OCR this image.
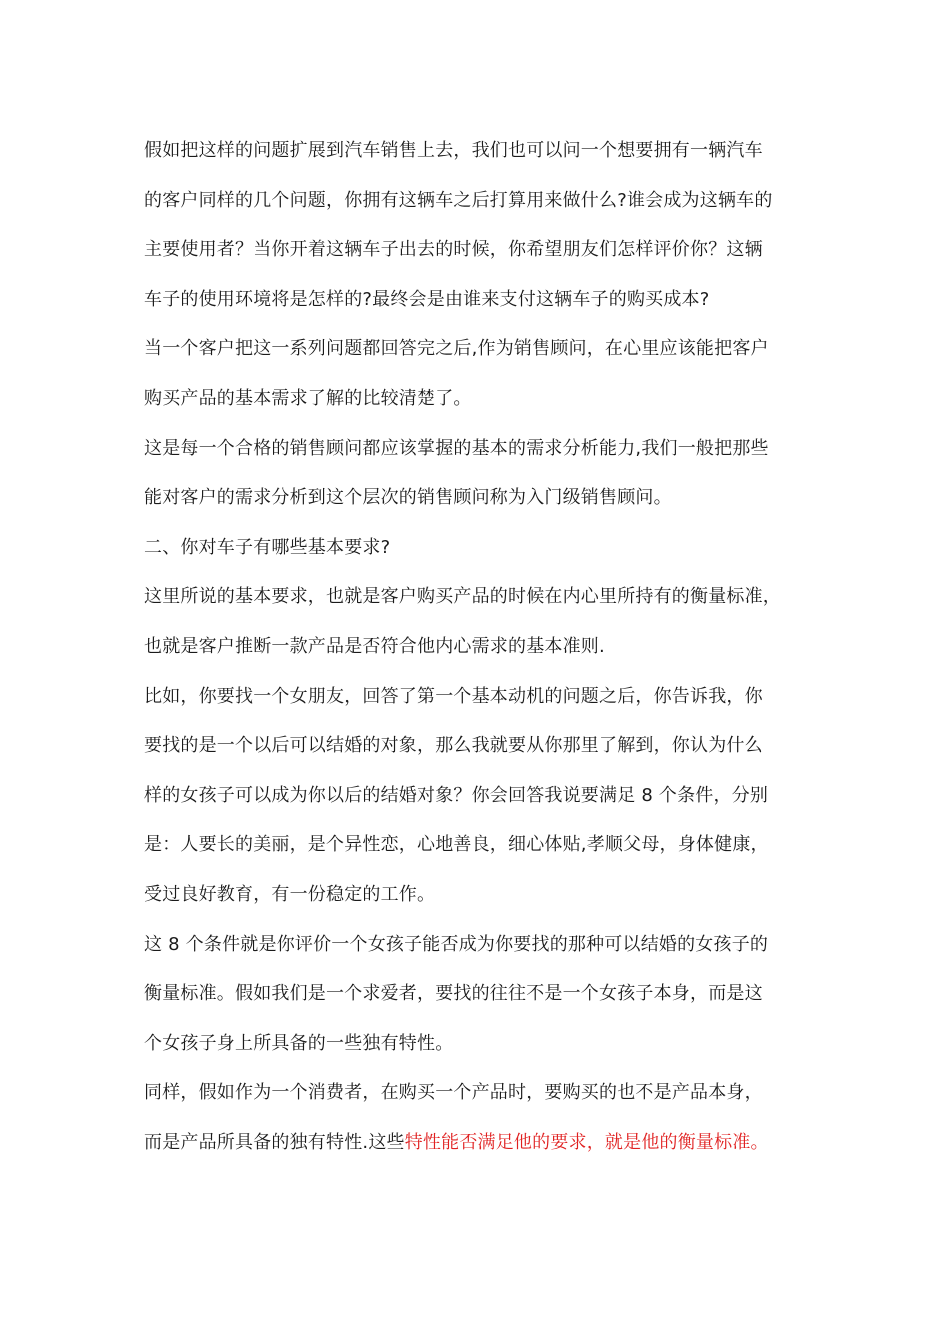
假如把这样的问题扩展到汽车销售上去，我们也可以问一个想要拥有一辆汽车
的客户同样的几个问题，你拥有这辆车之后打算用来做什么?谁会成为这辆车的
主要使用者？当你开着这辆车子出去的时候，你希望朋友们怎样评价你？这辆
车子的使用环境将是怎样的?最终会是由谁来支付这辆车子的购买成本?
当一个客户把这一系列问题都回答完之后,作为销售顾问，在心里应该能把客户
购买产品的基本需求了解的比较清楚了。
这是每一个合格的销售顾问都应该掌握的基本的需求分析能力,我们一般把那些
能对客户的需求分析到这个层次的销售顾问称为入门级销售顾问。
二、你对车子有哪些基本要求?
这里所说的基本要求，也就是客户购买产品的时候在内心里所持有的衡量标准，
也就是客户推断一款产品是否符合他内心需求的基本准则.
比如，你要找一个女朋友，回答了第一个基本动机的问题之后，你告诉我，你
要找的是一个以后可以结婚的对象，那么我就要从你那里了解到，你认为什么
样的女孩子可以成为你以后的结婚对象？你会回答我说要满足 8 个条件，分别
是：人要长的美丽，是个异性恋，心地善良，细心体贴,孝顺父母，身体健康，
受过良好教育，有一份稳定的工作。
这 8 个条件就是你评价一个女孩子能否成为你要找的那种可以结婚的女孩子的
衡量标准。假如我们是一个求爱者，要找的往往不是一个女孩子本身，而是这
个女孩子身上所具备的一些独有特性。
同样，假如作为一个消费者，在购买一个产品时，要购买的也不是产品本身，
而是产品所具备的独有特性.这些特性能否满足他的要求，就是他的衡量标准。
